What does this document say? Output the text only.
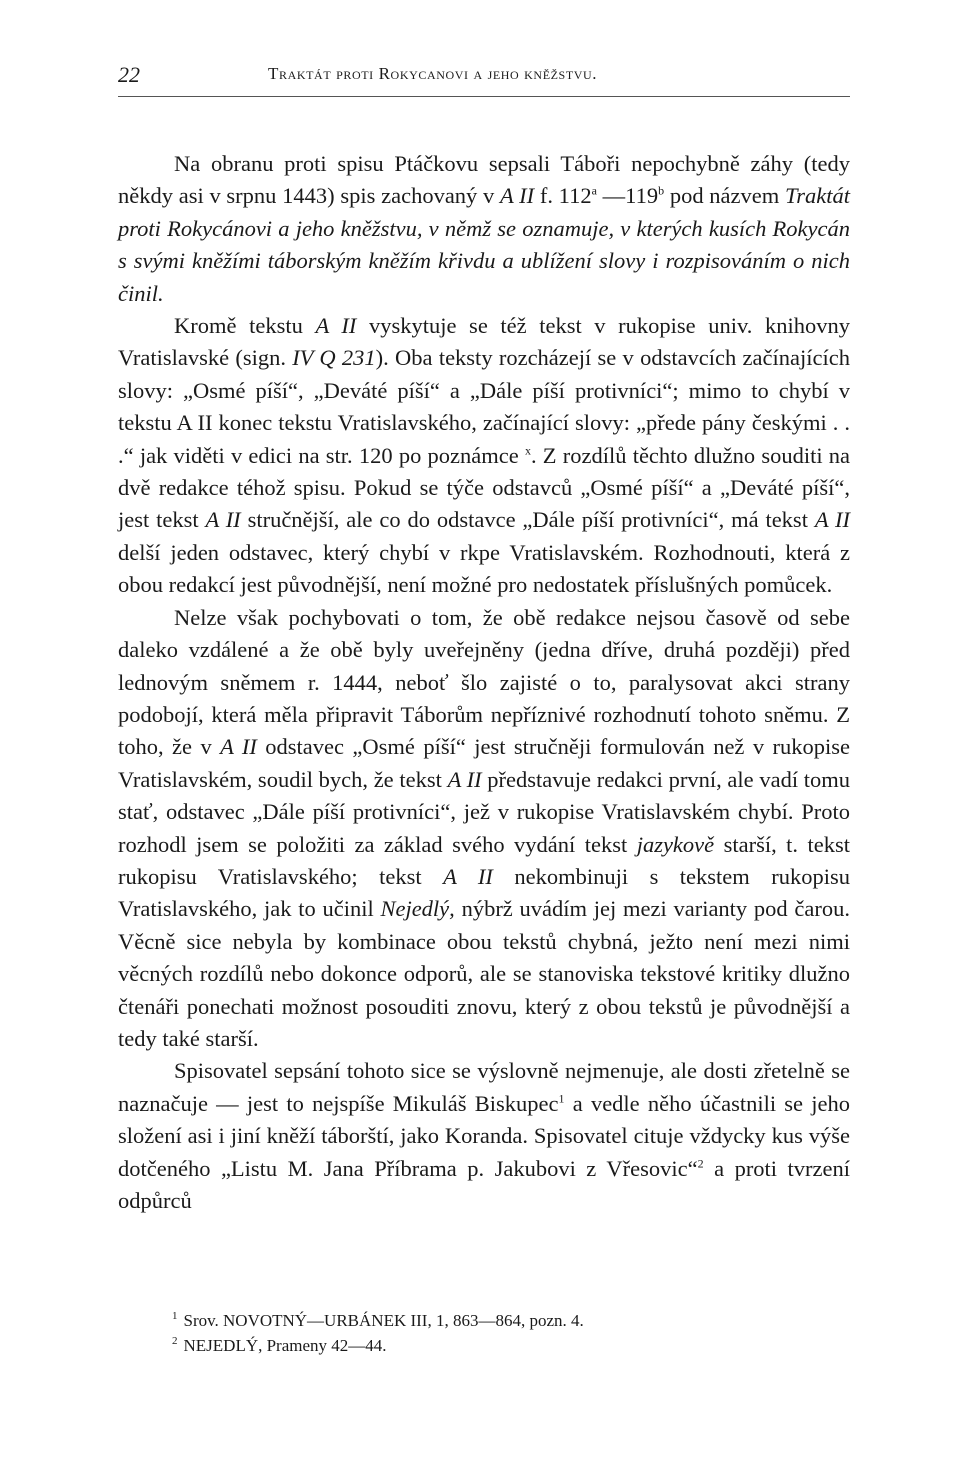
22	Traktát proti Rokycanovi a jeho kněžstvu.

Na obranu proti spisu Ptáčkovu sepsali Táboři nepochybně záhy (tedy někdy asi v srpnu 1443) spis zachovaný v A II f. 112$^a$ —119$^b$ pod názvem Traktát proti Rokycánovi a jeho kněžstvu, v němž se oznamuje, v kterých kusích Rokycán s svými kněžími táborským kněžím křivdu a ublížení slovy i rozpisováním o nich činil.

Kromě tekstu A II vyskytuje se též tekst v rukopise univ. knihovny Vratislavské (sign. IV Q 231). Oba teksty rozcházejí se v odstavcích začínajících slovy: „Osmé píší“, „Deváté píší“ a „Dále píší protivníci“; mimo to chybí v tekstu A II konec tekstu Vratislavského, začínající slovy: „přede pány českými . . .“ jak viděti v edici na str. 120 po poznámce $^x$. Z rozdílů těchto dlužno souditi na dvě redakce téhož spisu. Pokud se týče odstavců „Osmé píší“ a „Deváté píší“, jest tekst A II stručnější, ale co do odstavce „Dále píší protivníci“, má tekst A II delší jeden odstavec, který chybí v rkpe Vratislavském. Rozhodnouti, která z obou redakcí jest původnější, není možné pro nedostatek příslušných pomůcek.

Nelze však pochybovati o tom, že obě redakce nejsou časově od sebe daleko vzdálené a že obě byly uveřejněny (jedna dříve, druhá později) před lednovým sněmem r. 1444, neboť šlo zajisté o to, paralysovat akci strany podobojí, která měla připravit Táborům nepříznivé rozhodnutí tohoto sněmu. Z toho, že v A II odstavec „Osmé píší“ jest stručněji formulován než v rukopise Vratislavském, soudil bych, že tekst A II představuje redakci první, ale vadí tomu stať, odstavec „Dále píší protivníci“, jež v rukopise Vratislavském chybí. Proto rozhodl jsem se položiti za základ svého vydání tekst jazykově starší, t. tekst rukopisu Vratislavského; tekst A II nekombinuji s tekstem rukopisu Vratislavského, jak to učinil Nejedlý, nýbrž uvádím jej mezi varianty pod čarou. Věcně sice nebyla by kombinace obou tekstů chybná, ježto není mezi nimi věcných rozdílů nebo dokonce odporů, ale se stanoviska tekstové kritiky dlužno čtenáři ponechati možnost posouditi znovu, který z obou tekstů je původnější a tedy také starší.

Spisovatel sepsání tohoto sice se výslovně nejmenuje, ale dosti zřetelně se naznačuje — jest to nejspíše Mikuláš Biskupec$^1$ a vedle něho účastnili se jeho složení asi i jiní kněží táborští, jako Koranda. Spisovatel cituje vždycky kus výše dotčeného „Listu M. Jana Příbrama p. Jakubovi z Vřesovic“$^2$ a proti tvrzení odpůrců

$^1$ Srov. NOVOTNÝ—URBÁNEK III, 1, 863—864, pozn. 4.

$^2$ NEJEDLÝ, Prameny 42—44.
